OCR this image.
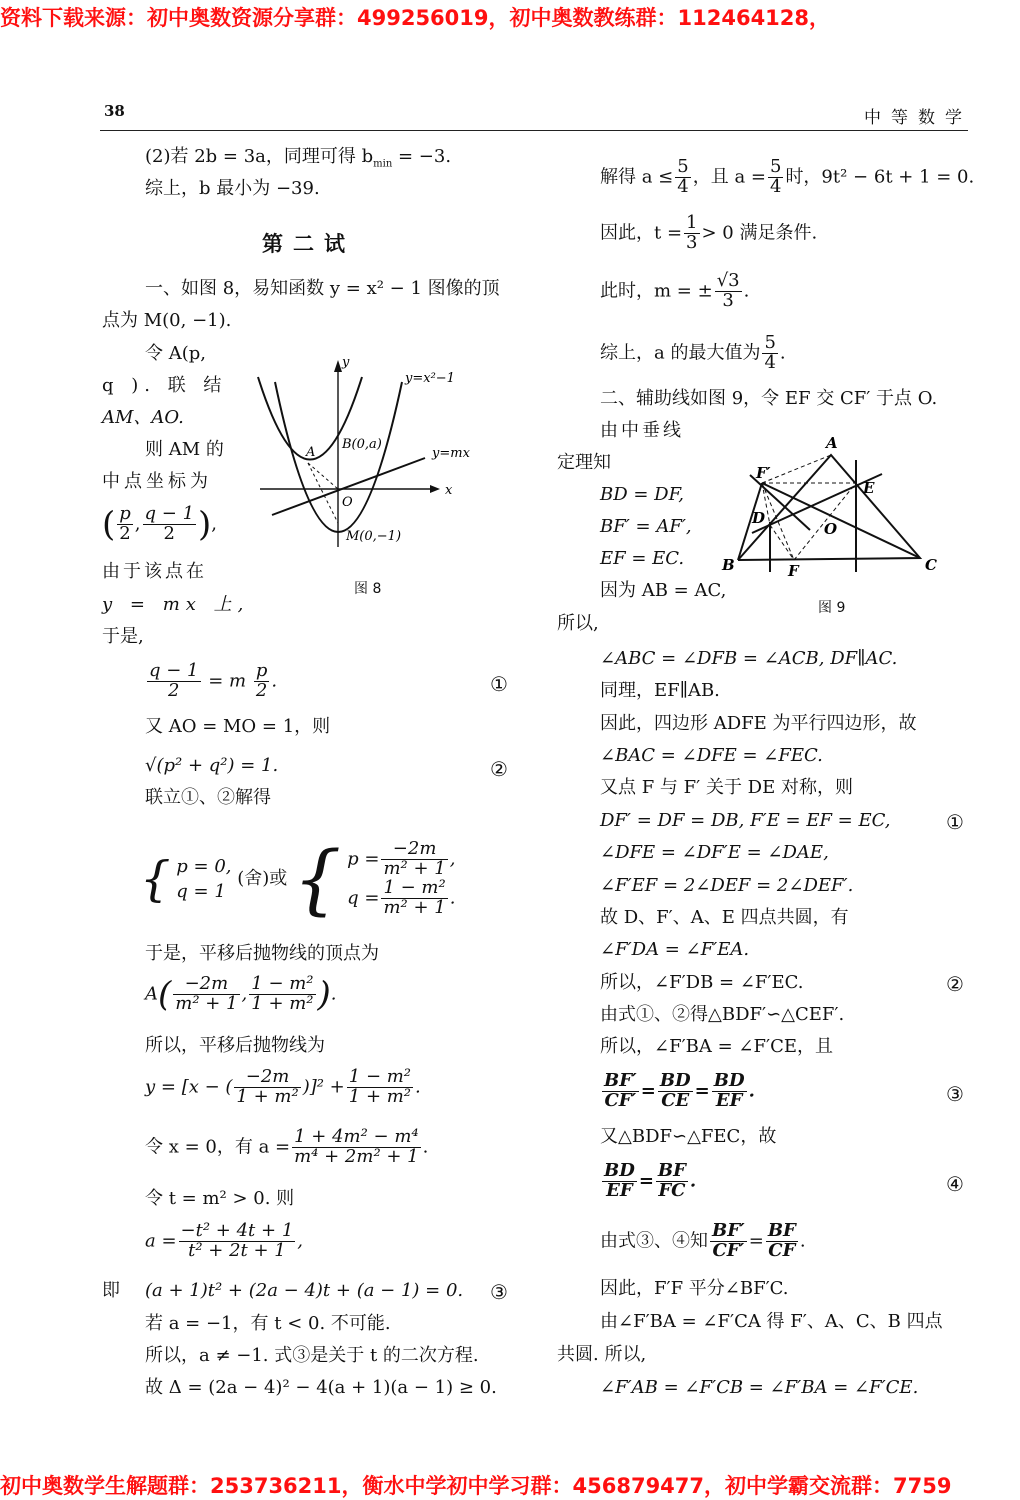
资料下载来源：初中奥数资源分享群：499256019，初中奥数教练群：112464128，
初中奥数学生解题群：253736211，衡水中学初中学习群：456879477，初中学霸交流群：7759
38	中等数学
(2)若 2b = 3a，同理可得 $b_{min} = -3$.
综上，b 最小为 −39.
第二试
一、如图 8，易知函数 y = x² − 1 图像的顶
点为 M(0, −1).
令 A(p,
q ). 联 结
AM、AO.
则 AM 的
中点坐标为
( $\frac{p}{2}$ , $\frac{q - 1}{2}$ ),
由于该点在
y = mx 上,
于是,
y=x²−1
y
y=mx
x
A
B(0,a)
O
M(0,−1)
图 8
$\frac{q - 1}{2} = m \frac{p}{2}$ .	①
又 AO = MO = 1，则
√(p² + q²) = 1.	②
联立①、②解得
{ p = 0,
q = 1
(舍)或 { $p = \frac{-2m}{\text{m² + 1}}$ ,
$q = \frac{\text{1 − m²}}{\text{m² + 1}}$ .
于是，平移后抛物线的顶点为
$A( \frac{-2m}{\text{m² + 1}}$ , $\frac{\text{1 − m²}}{\text{1 + m²}}$ ).
所以，平移后抛物线为
y = [x − ( $\frac{-2m}{\text{1 + m²}} )]^2 + \frac{\text{1 − m²}}{\text{1 + m²}}$ .
令 x = 0，有 $a = \frac{\text{1 + 4m² − m⁴}}{\text{m⁴ + 2m² + 1}}$ .
令 t = m² > 0. 则
$a = \frac{\text{−t² + 4t + 1}}{\text{t² + 2t + 1}}$ ,
即 (a + 1)t² + (2a − 4)t + (a − 1) = 0. ③
若 a = −1，有 t < 0. 不可能.
所以，a ≠ −1. 式③是关于 t 的二次方程.
故 Δ = (2a − 4)² − 4(a + 1)(a − 1) ≥ 0.
解得 $a \le \frac{5}{4}$ ，且 $a = \frac{5}{4}$ 时，9t² − 6t + 1 = 0.
因此，$t = \frac{1}{3} > 0$ 满足条件.
此时，m = ± $\frac{√3}{3}$ .
综上，a 的最大值为 $\frac{5}{4}$ .
二、辅助线如图 9，令 EF 交 CF′ 于点 O.
由中垂线
定理知
BD = DF,
BF′ = AF′,
EF = EC.
因为 AB = AC,
所以,
A
B	C
D
E
F
F′
O
图 9
∠ABC = ∠DFB = ∠ACB, DF∥AC.
同理，EF∥AB.
因此，四边形 ADFE 为平行四边形，故
∠BAC = ∠DFE = ∠FEC.
又点 F 与 F′ 关于 DE 对称，则
DF′ = DF = DB, F′E = EF = EC,	①
∠DFE = ∠DF′E = ∠DAE,
∠F′EF = 2∠DEF = 2∠DEF′.
故 D、F′、A、E 四点共圆，有
∠F′DA = ∠F′EA.
所以，∠F′DB = ∠F′EC.	②
由式①、②得△BDF′∽△CEF′.
所以，∠F′BA = ∠F′CE，且
$\frac{BF'}{CF'} = \frac{BD}{CE} = \frac{BD}{EF}$ .	③
又△BDF∽△FEC，故
$\frac{BD}{EF} = \frac{BF}{FC}$ .	④
由式③、④知 $\frac{BF'}{CF'} = \frac{BF}{CF}$ .
因此，F′F 平分∠BF′C.
由∠F′BA = ∠F′CA 得 F′、A、C、B 四点
共圆. 所以,
∠F′AB = ∠F′CB = ∠F′BA = ∠F′CE.
